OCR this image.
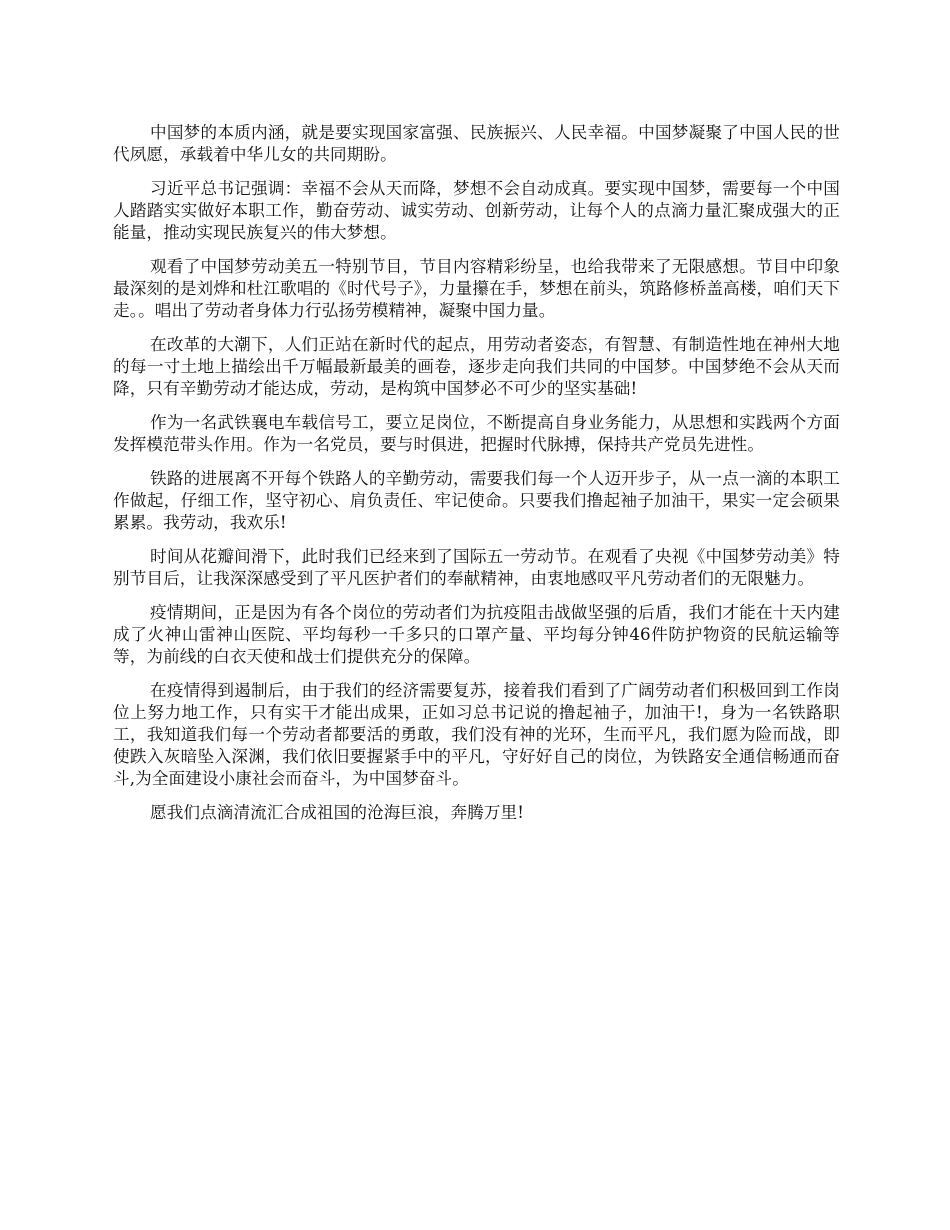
中国梦的本质内涵，就是要实现国家富强、民族振兴、人民幸福。中国梦凝聚了中国人民的世代夙愿，承载着中华儿女的共同期盼。

习近平总书记强调：幸福不会从天而降，梦想不会自动成真。要实现中国梦，需要每一个中国人踏踏实实做好本职工作，勤奋劳动、诚实劳动、创新劳动，让每个人的点滴力量汇聚成强大的正能量，推动实现民族复兴的伟大梦想。

观看了中国梦劳动美五一特别节目，节目内容精彩纷呈，也给我带来了无限感想。节目中印象最深刻的是刘烨和杜江歌唱的《时代号子》，力量攥在手，梦想在前头，筑路修桥盖高楼，咱们天下走。。唱出了劳动者身体力行弘扬劳模精神，凝聚中国力量。

在改革的大潮下，人们正站在新时代的起点，用劳动者姿态，有智慧、有制造性地在神州大地的每一寸土地上描绘出千万幅最新最美的画卷，逐步走向我们共同的中国梦。中国梦绝不会从天而降，只有辛勤劳动才能达成，劳动，是构筑中国梦必不可少的坚实基础!

作为一名武铁襄电车载信号工，要立足岗位，不断提高自身业务能力，从思想和实践两个方面发挥模范带头作用。作为一名党员，要与时俱进，把握时代脉搏，保持共产党员先进性。

铁路的进展离不开每个铁路人的辛勤劳动，需要我们每一个人迈开步子，从一点一滴的本职工作做起，仔细工作，坚守初心、肩负责任、牢记使命。只要我们撸起袖子加油干，果实一定会硕果累累。我劳动，我欢乐!

时间从花瓣间滑下，此时我们已经来到了国际五一劳动节。在观看了央视《中国梦劳动美》特别节目后，让我深深感受到了平凡医护者们的奉献精神，由衷地感叹平凡劳动者们的无限魅力。

疫情期间，正是因为有各个岗位的劳动者们为抗疫阻击战做坚强的后盾，我们才能在十天内建成了火神山雷神山医院、平均每秒一千多只的口罩产量、平均每分钟46件防护物资的民航运输等等，为前线的白衣天使和战士们提供充分的保障。

在疫情得到遏制后，由于我们的经济需要复苏，接着我们看到了广阔劳动者们积极回到工作岗位上努力地工作，只有实干才能出成果，正如习总书记说的撸起袖子，加油干!，身为一名铁路职工，我知道我们每一个劳动者都要活的勇敢，我们没有神的光环，生而平凡，我们愿为险而战，即使跌入灰暗坠入深渊，我们依旧要握紧手中的平凡，守好好自己的岗位，为铁路安全通信畅通而奋斗,为全面建设小康社会而奋斗，为中国梦奋斗。

愿我们点滴清流汇合成祖国的沧海巨浪，奔腾万里!
